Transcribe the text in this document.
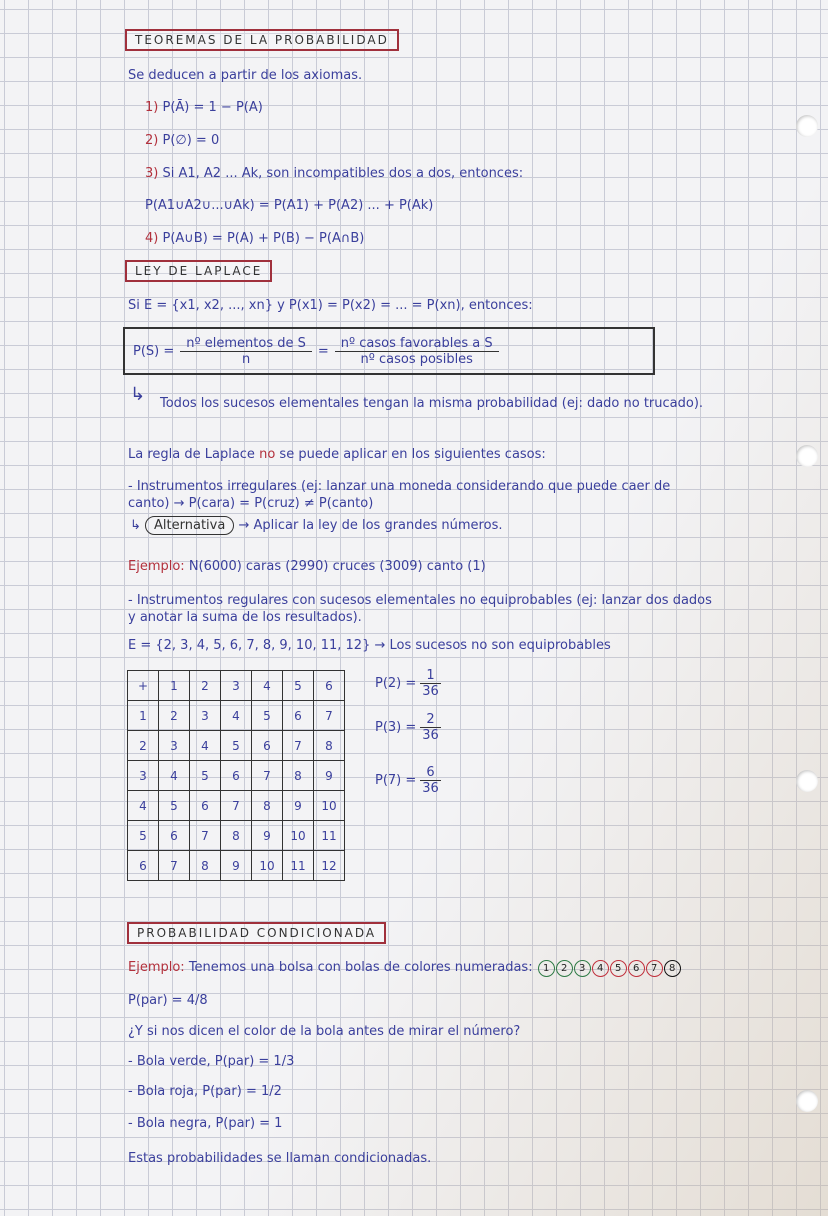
TEOREMAS DE LA PROBABILIDAD
Se deducen a partir de los axiomas.
1) P(Ā) = 1 − P(A)
2) P(∅) = 0
3) Si A1, A2 ... Ak, son incompatibles dos a dos, entonces:
P(A1∪A2∪...∪Ak) = P(A1) + P(A2) ... + P(Ak)
4) P(A∪B) = P(A) + P(B) − P(A∩B)
LEY DE LAPLACE
Si E = {x1, x2, ..., xn} y P(x1) = P(x2) = ... = P(xn), entonces:
$P(S) = \frac{\text{nº elementos de S}}{n} = \frac{\text{nº casos favorables a S}}{\text{nº casos posibles}}$
↳ Todos los sucesos elementales tengan la misma probabilidad (ej: dado no trucado).
La regla de Laplace no se puede aplicar en los siguientes casos:
- Instrumentos irregulares (ej: lanzar una moneda considerando que puede caer de canto) → P(cara) = P(cruz) ≠ P(canto)
↳ Alternativa → Aplicar la ley de los grandes números.
Ejemplo: N(6000) caras (2990) cruces (3009) canto (1)
- Instrumentos regulares con sucesos elementales no equiprobables (ej: lanzar dos dados y anotar la suma de los resultados).
E = {2, 3, 4, 5, 6, 7, 8, 9, 10, 11, 12} → Los sucesos no son equiprobables
+	1	2	3	4	5	6
1	2	3	4	5	6	7
2	3	4	5	6	7	8
3	4	5	6	7	8	9
4	5	6	7	8	9	10
5	6	7	8	9	10	11
6	7	8	9	10	11	12
$P(2) = \frac{1}{36}$
$P(3) = \frac{2}{36}$
$P(7) = \frac{6}{36}$
PROBABILIDAD CONDICIONADA
Ejemplo: Tenemos una bolsa con bolas de colores numeradas: 1 2 3 4 5 6 7 8
P(par) = 4/8
¿Y si nos dicen el color de la bola antes de mirar el número?
- Bola verde, P(par) = 1/3
- Bola roja, P(par) = 1/2
- Bola negra, P(par) = 1
Estas probabilidades se llaman condicionadas.
